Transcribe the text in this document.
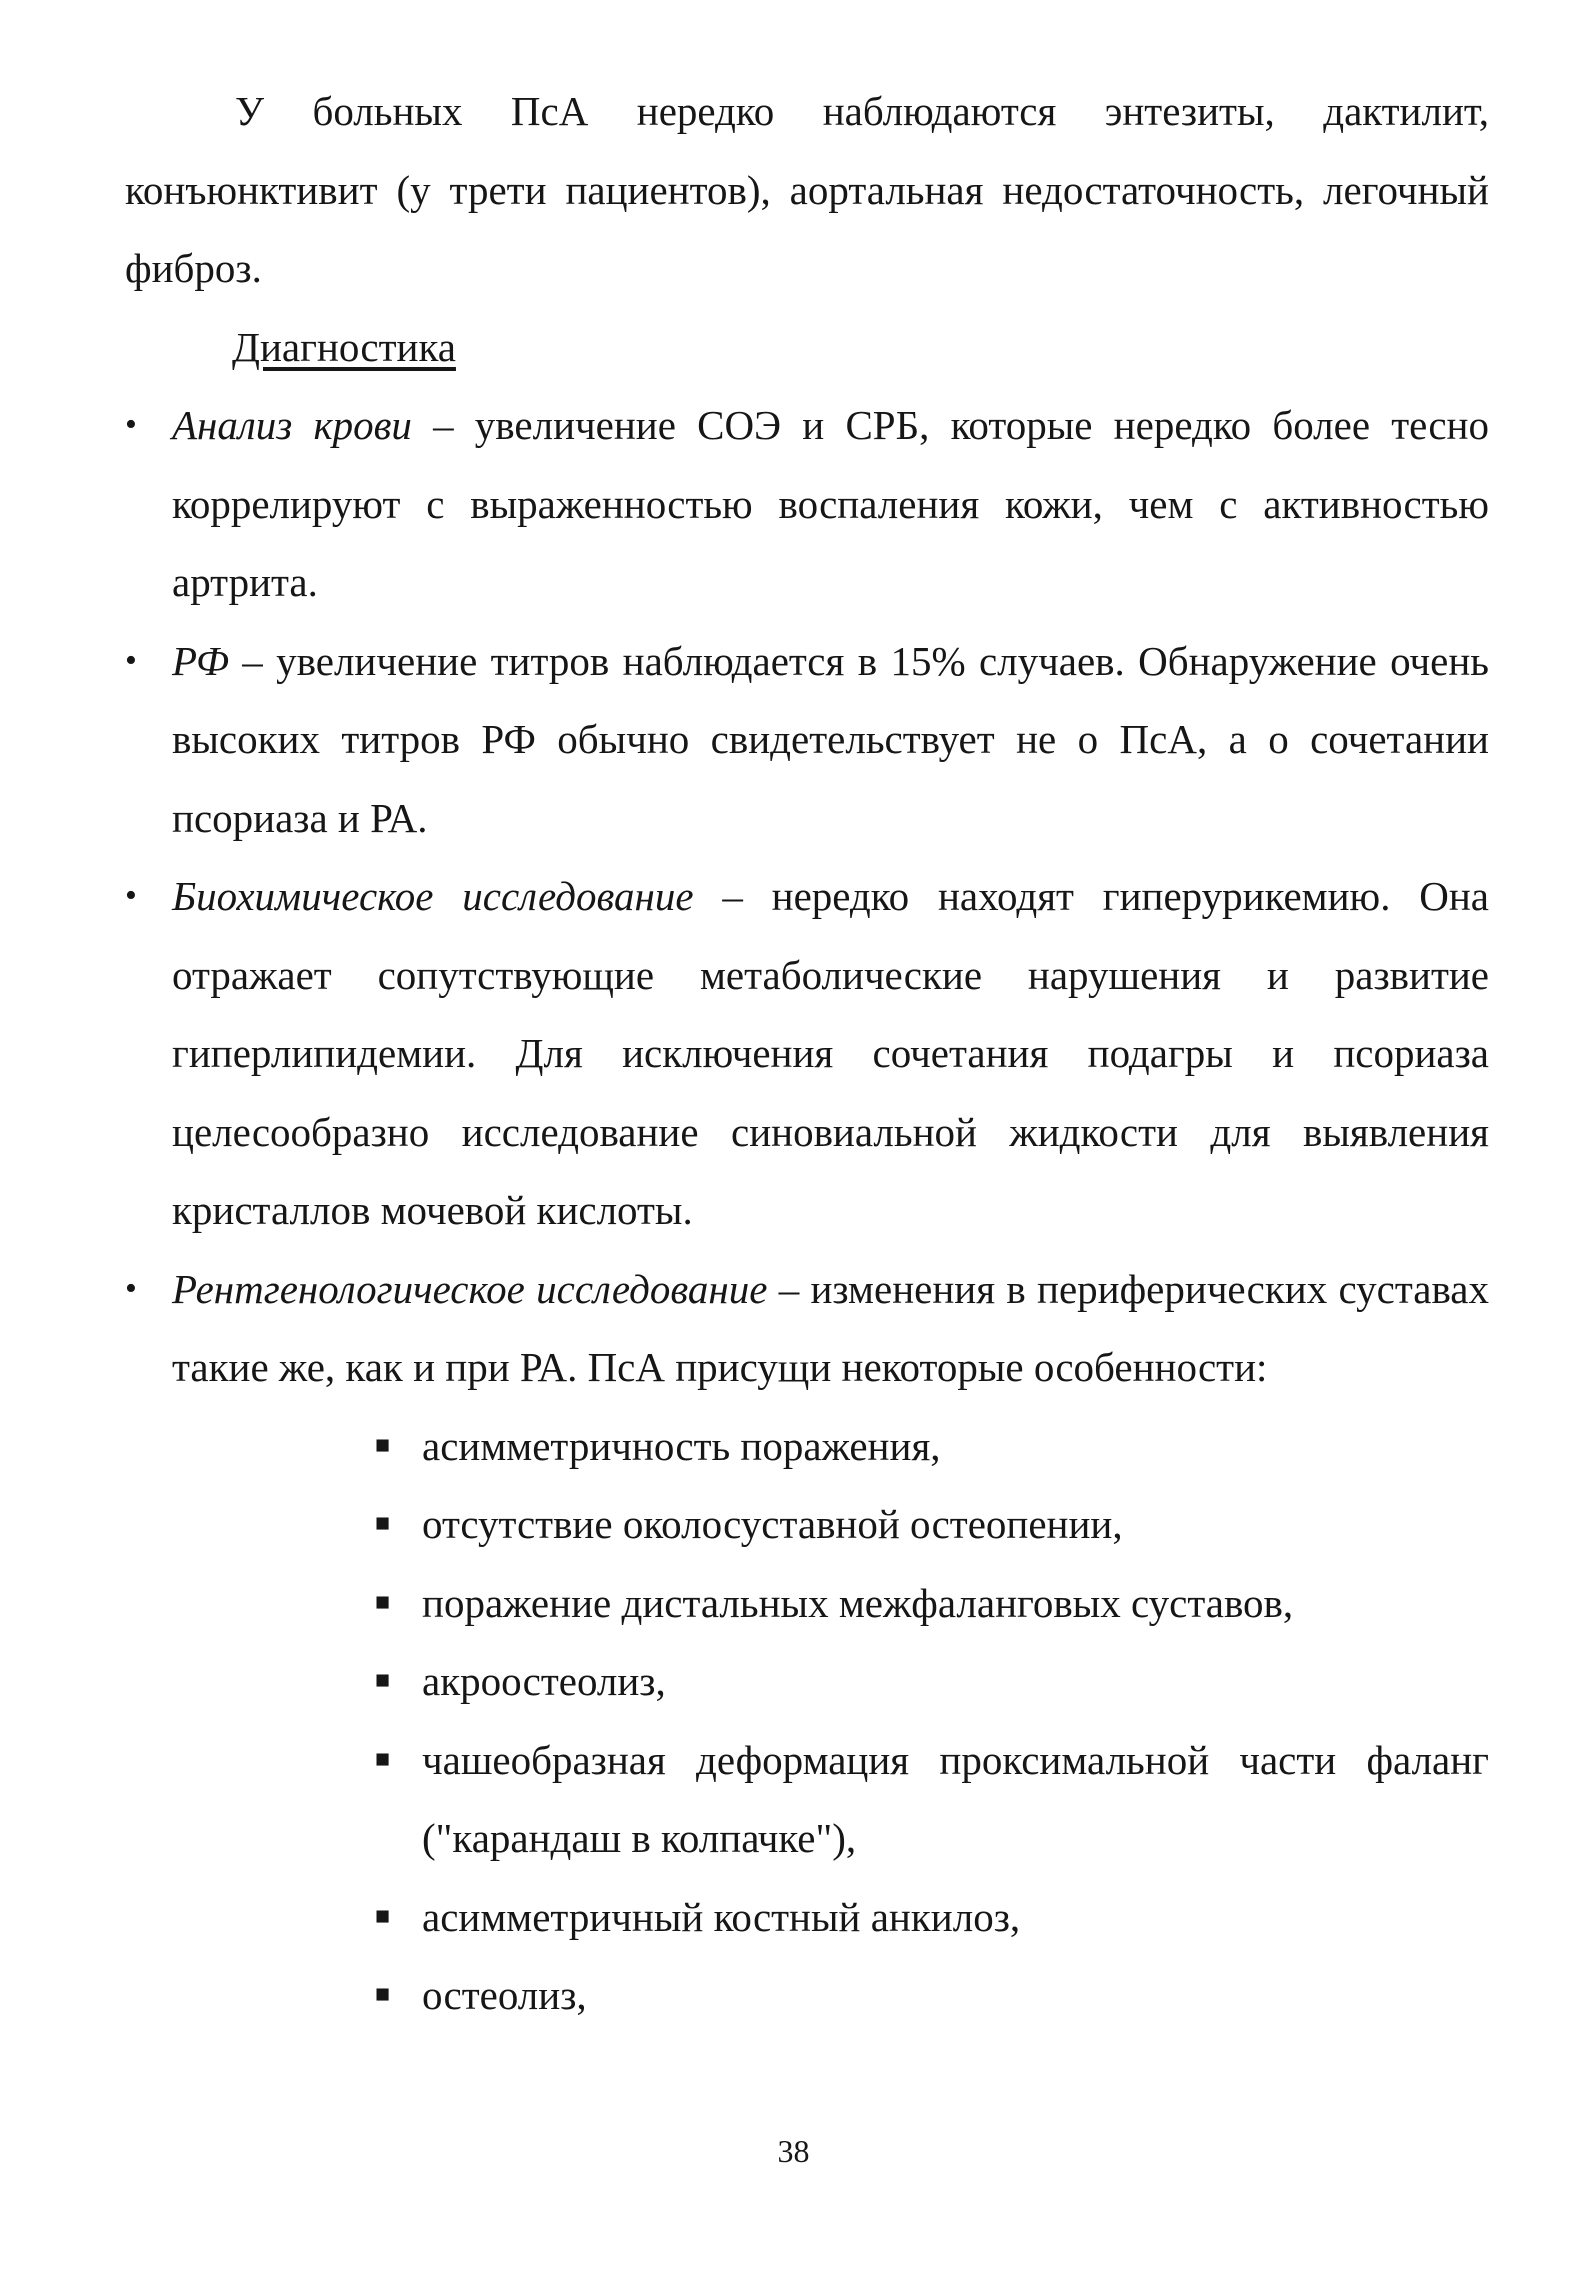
У больных ПсА нередко наблюдаются энтезиты, дактилит, конъюнктивит (у трети пациентов), аортальная недостаточность, легочный фиброз.

Диагностика

• Анализ крови – увеличение СОЭ и СРБ, которые нередко более тесно коррелируют с выраженностью воспаления кожи, чем с активностью артрита.
• РФ – увеличение титров наблюдается в 15% случаев. Обнаружение очень высоких титров РФ обычно свидетельствует не о ПсА, а о сочетании псориаза и РА.
• Биохимическое исследование – нередко находят гиперурикемию. Она отражает сопутствующие метаболические нарушения и развитие гиперлипидемии. Для исключения сочетания подагры и псориаза целесообразно исследование синовиальной жидкости для выявления кристаллов мочевой кислоты.
• Рентгенологическое исследование – изменения в периферических суставах такие же, как и при РА. ПсА присущи некоторые особенности:
■ асимметричность поражения,
■ отсутствие околосуставной остеопении,
■ поражение дистальных межфаланговых суставов,
■ акроостеолиз,
■ чашеобразная деформация проксимальной части фаланг ("карандаш в колпачке"),
■ асимметричный костный анкилоз,
■ остеолиз,
38
